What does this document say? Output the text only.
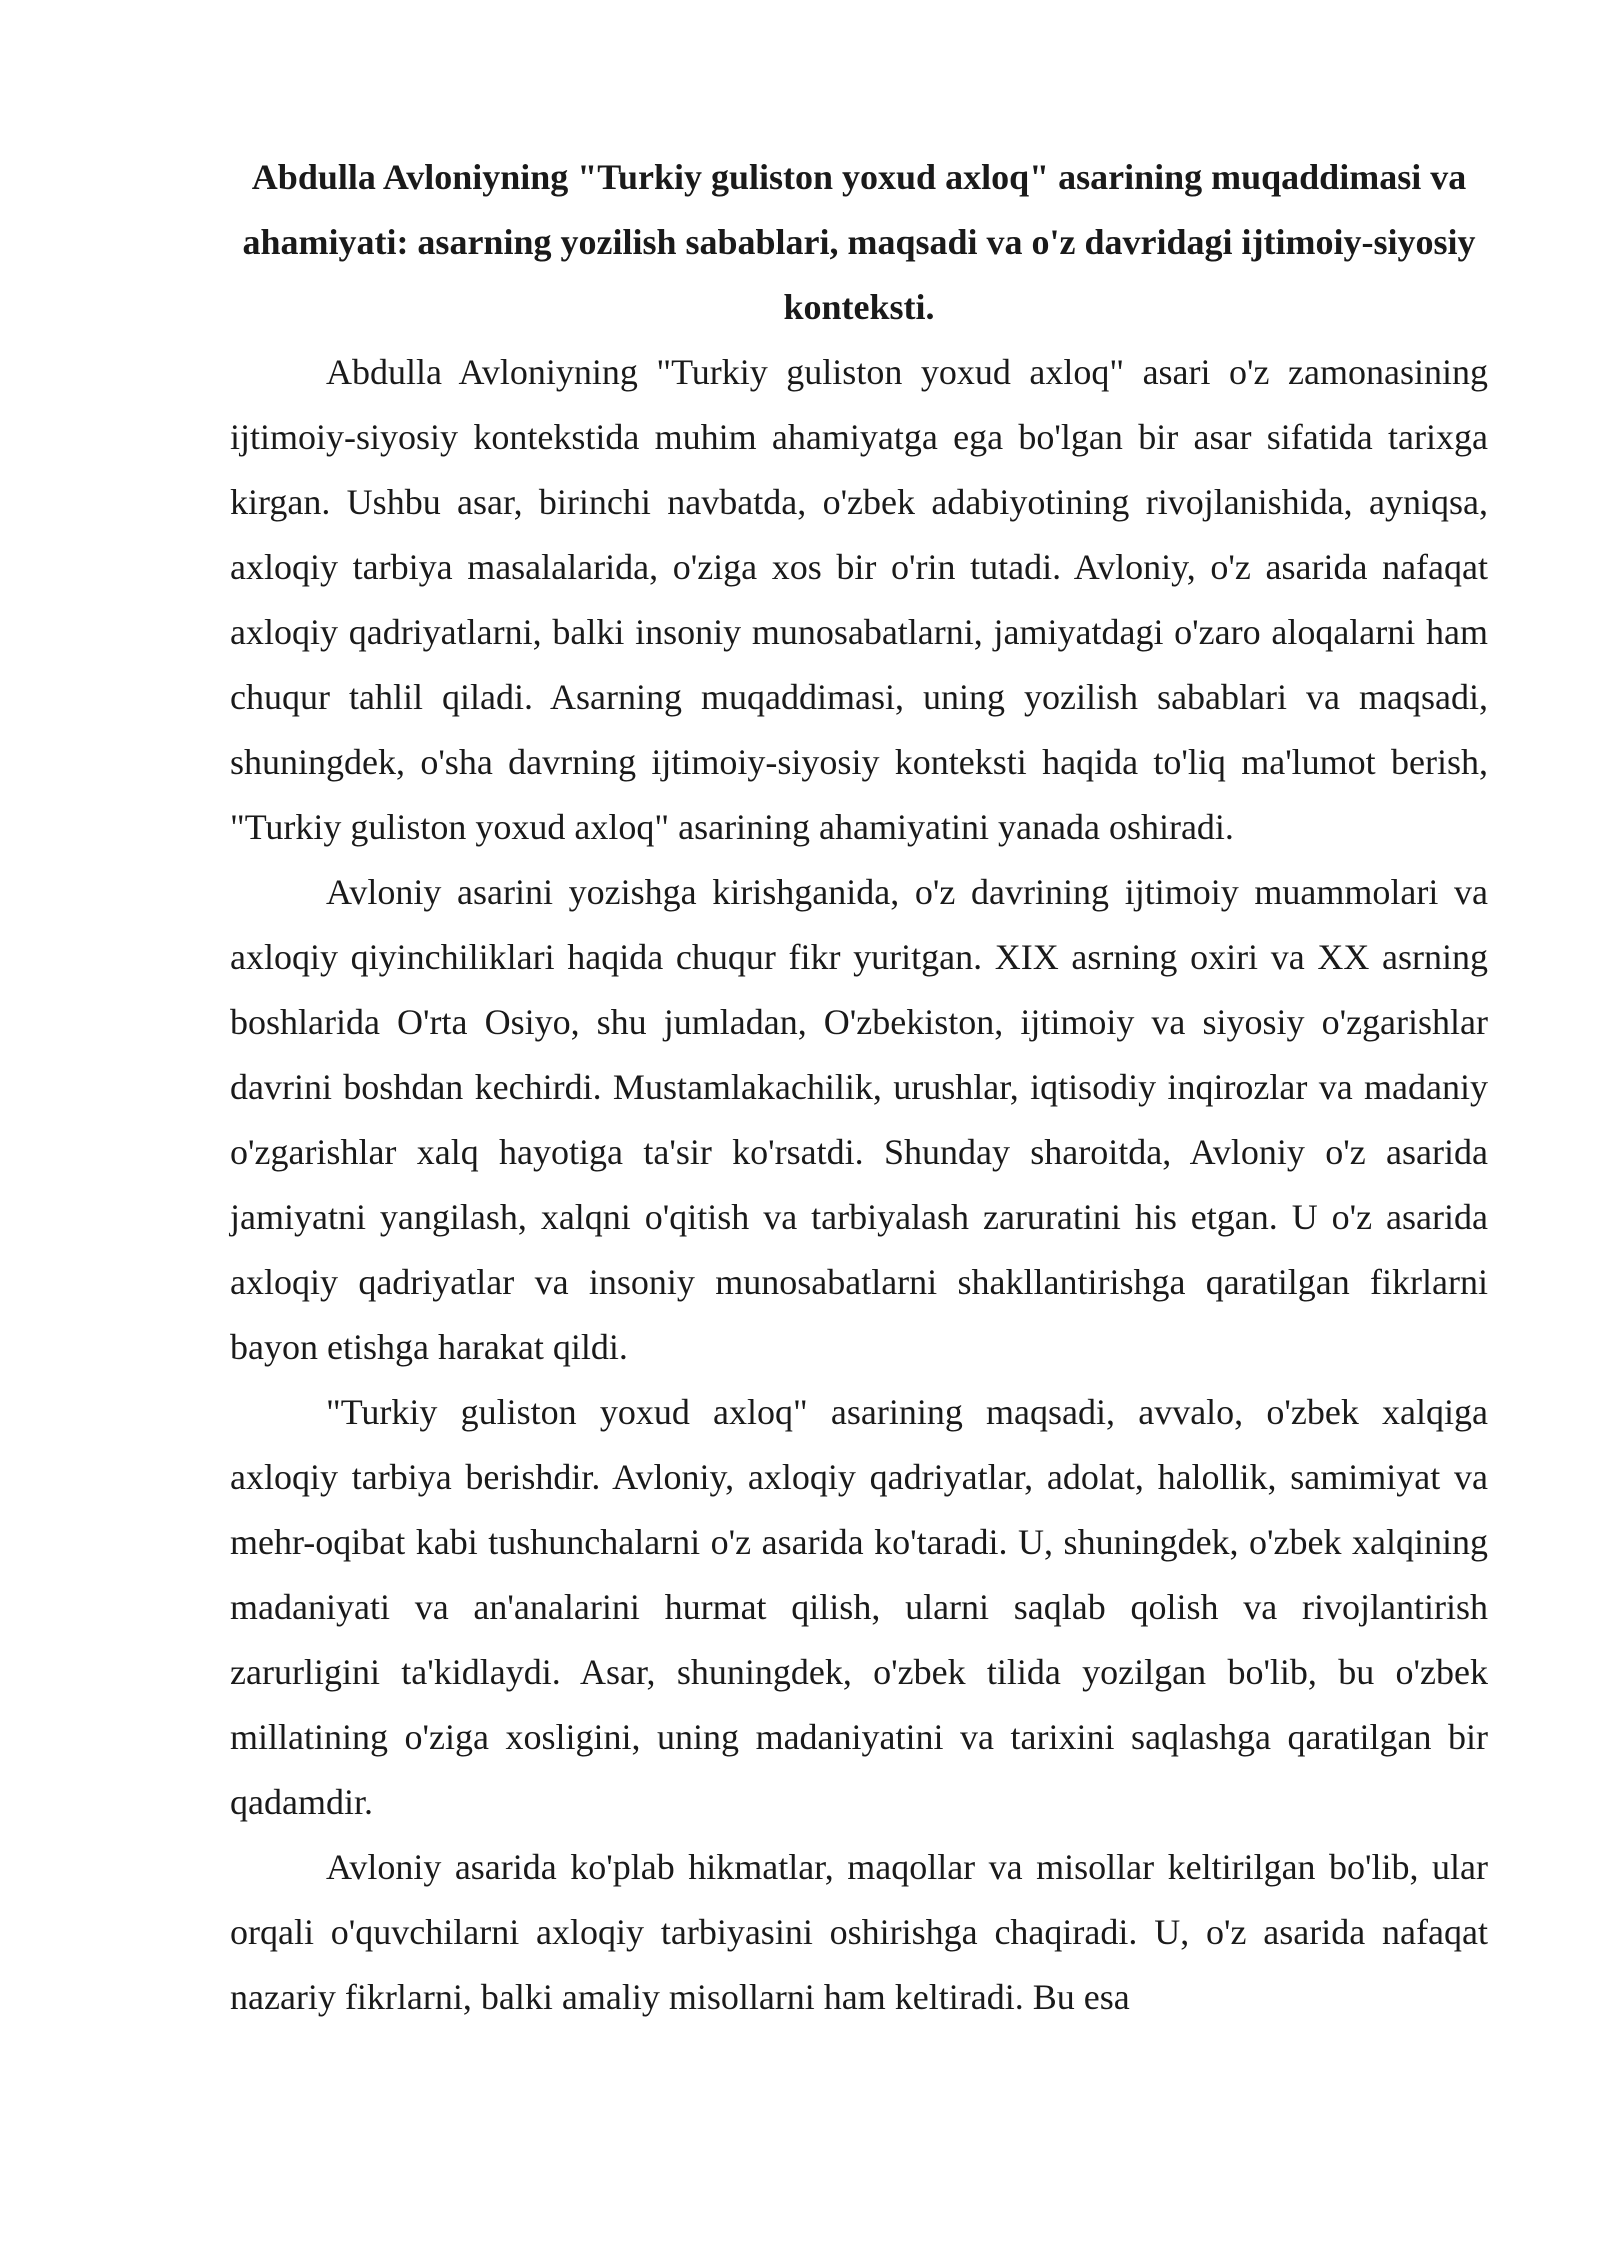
Abdulla Avloniyning "Turkiy guliston yoxud axloq" asarining muqaddimasi va ahamiyati: asarning yozilish sabablari, maqsadi va o'z davridagi ijtimoiy-siyosiy konteksti.

Abdulla Avloniyning "Turkiy guliston yoxud axloq" asari o'z zamonasining ijtimoiy-siyosiy kontekstida muhim ahamiyatga ega bo'lgan bir asar sifatida tarixga kirgan. Ushbu asar, birinchi navbatda, o'zbek adabiyotining rivojlanishida, ayniqsa, axloqiy tarbiya masalalarida, o'ziga xos bir o'rin tutadi. Avloniy, o'z asarida nafaqat axloqiy qadriyatlarni, balki insoniy munosabatlarni, jamiyatdagi o'zaro aloqalarni ham chuqur tahlil qiladi. Asarning muqaddimasi, uning yozilish sabablari va maqsadi, shuningdek, o'sha davrning ijtimoiy-siyosiy konteksti haqida to'liq ma'lumot berish, "Turkiy guliston yoxud axloq" asarining ahamiyatini yanada oshiradi.

Avloniy asarini yozishga kirishganida, o'z davrining ijtimoiy muammolari va axloqiy qiyinchiliklari haqida chuqur fikr yuritgan. XIX asrning oxiri va XX asrning boshlarida O'rta Osiyo, shu jumladan, O'zbekiston, ijtimoiy va siyosiy o'zgarishlar davrini boshdan kechirdi. Mustamlakachilik, urushlar, iqtisodiy inqirozlar va madaniy o'zgarishlar xalq hayotiga ta'sir ko'rsatdi. Shunday sharoitda, Avloniy o'z asarida jamiyatni yangilash, xalqni o'qitish va tarbiyalash zaruratini his etgan. U o'z asarida axloqiy qadriyatlar va insoniy munosabatlarni shakllantirishga qaratilgan fikrlarni bayon etishga harakat qildi.

"Turkiy guliston yoxud axloq" asarining maqsadi, avvalo, o'zbek xalqiga axloqiy tarbiya berishdir. Avloniy, axloqiy qadriyatlar, adolat, halollik, samimiyat va mehr-oqibat kabi tushunchalarni o'z asarida ko'taradi. U, shuningdek, o'zbek xalqining madaniyati va an'analarini hurmat qilish, ularni saqlab qolish va rivojlantirish zarurligini ta'kidlaydi. Asar, shuningdek, o'zbek tilida yozilgan bo'lib, bu o'zbek millatining o'ziga xosligini, uning madaniyatini va tarixini saqlashga qaratilgan bir qadamdir.

Avloniy asarida ko'plab hikmatlar, maqollar va misollar keltirilgan bo'lib, ular orqali o'quvchilarni axloqiy tarbiyasini oshirishga chaqiradi. U, o'z asarida nafaqat nazariy fikrlarni, balki amaliy misollarni ham keltiradi. Bu esa
